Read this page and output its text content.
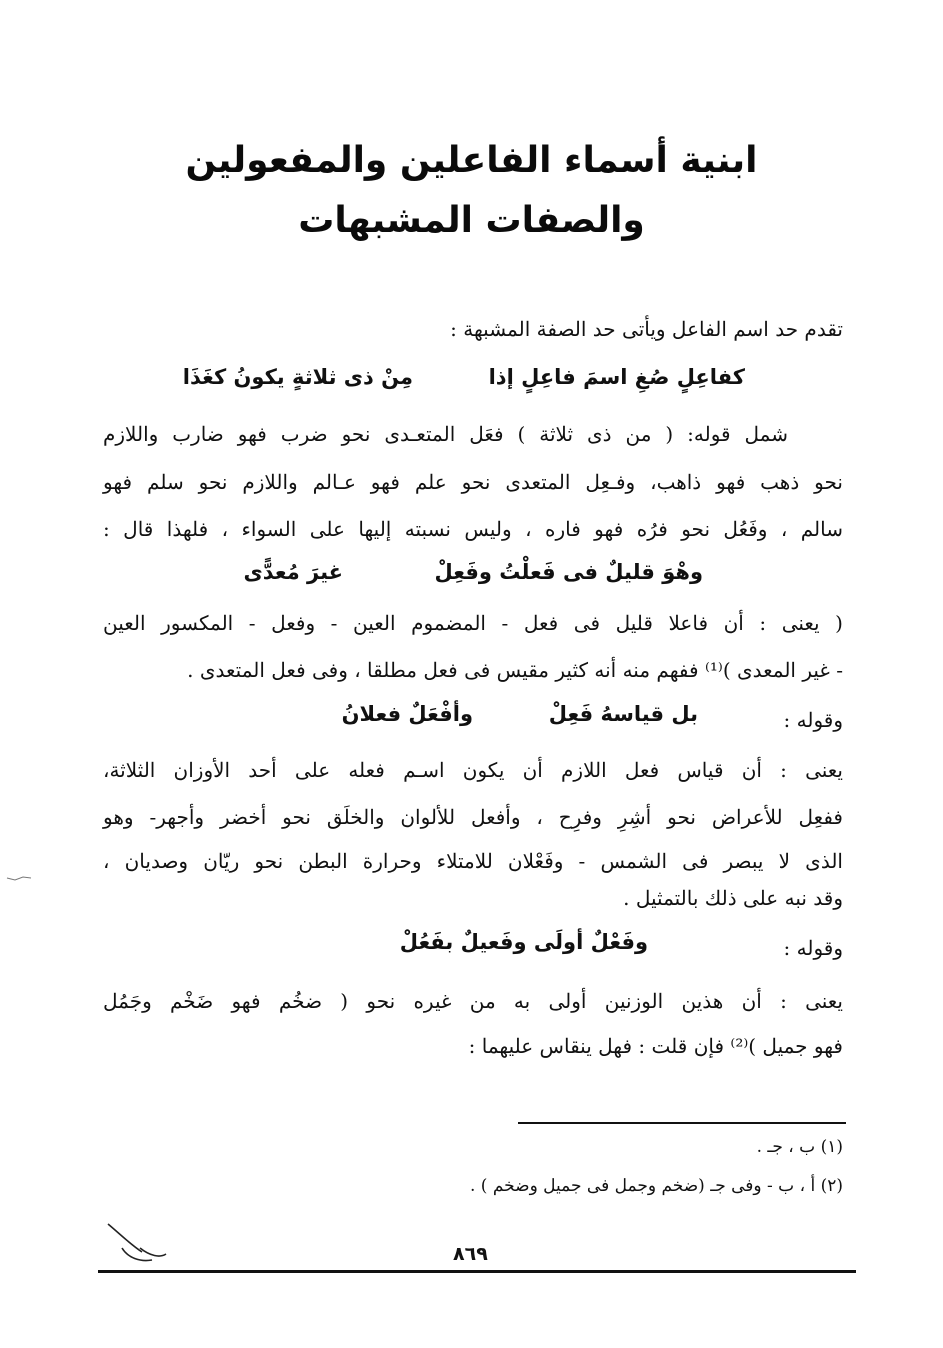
ابنية أسماء الفاعلين والمفعولين
والصفات المشبهات
تقدم حد اسم الفاعل ويأتى حد الصفة المشبهة :
كفاعِلٍ صُغِ اسمَ فاعِلٍ إذا
مِنْ ذى ثلاثةٍ يكونُ كغَذَا
شمل قوله: ( من ذى ثلاثة ) فعَل المتعـدى نحو ضرب فهو ضارب واللازم
نحو ذهب فهو ذاهب، وفـعِل المتعدى نحو علم فهو عـالم واللازم نحو سلم فهو
سالم ، وفَعُل نحو فرُه فهو فاره ، وليس نسبته إليها على السواء ، فلهذا قال :
وهْوَ قليلٌ فى فَعلْتُ وفَعِلْ
غيرَ مُعدًّى
( يعنى : أن فاعلا قليل فى فعل - المضموم العين - وفعل - المكسور العين
- غير المعدى )⁽¹⁾ ففهم منه أنه كثير مقيس فى فعل مطلقا ، وفى فعل المتعدى .
وقوله :
بل قياسهُ فَعِلْ
وأفْعَلٌ فعلانُ
يعنى : أن قياس فعل اللازم أن يكون اسـم فعله على أحد الأوزان الثلاثة،
ففعِل للأعراض نحو أشِرِ وفرِح ، وأفعل للألوان والخلَق نحو أخضر وأجهر- وهو
الذى لا يبصر فى الشمس - وفَعْلان للامتلاء وحرارة البطن نحو ريّان وصديان ،
وقد نبه على ذلك بالتمثيل .
وقوله :
وفَعْلٌ أولَى وفَعيلٌ بفَعُلْ
يعنى : أن هذين الوزنين أولى به من غيره نحو ( ضخُم فهو ضَخْم وجَمُل
فهو جميل )⁽²⁾ فإن قلت : فهل ينقاس عليهما :
(١) ب ، جـ .
(٢) أ ، ب - وفى جـ (ضخم وجمل فى جميل وضخم ) .
٨٦٩
